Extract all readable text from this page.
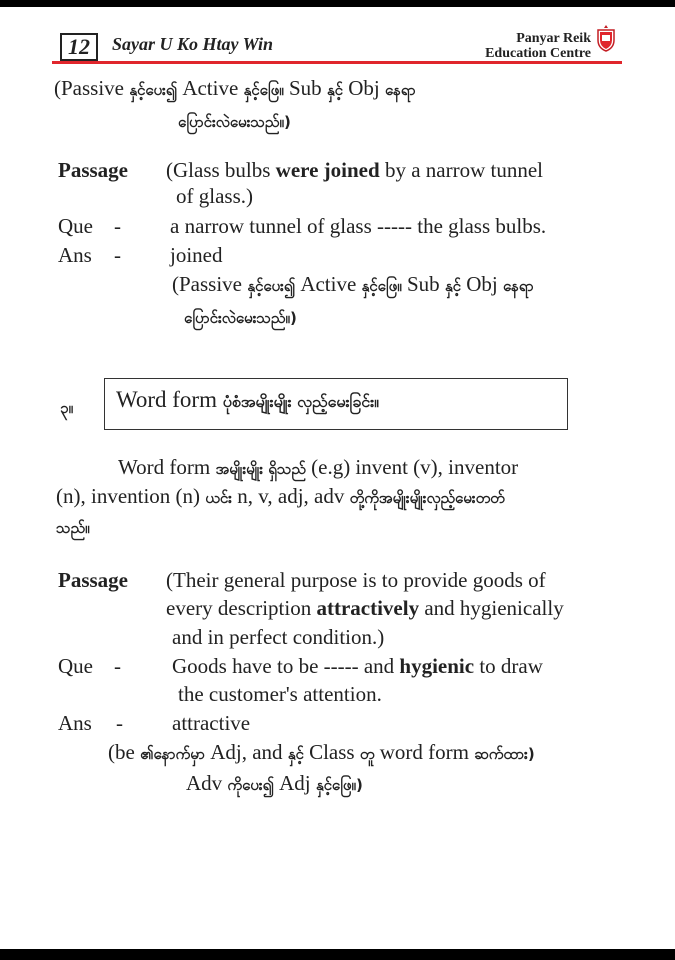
12	Sayar U Ko Htay Win	Panyar Reik
Education Centre
(Passive နှင့်ပေး၍ Active နှင့်ဖြေ။ Sub နှင့် Obj နေရာ
ပြောင်းလဲမေးသည်။)
Passage (Glass bulbs were joined by a narrow tunnel
of glass.)
Que - a narrow tunnel of glass ----- the glass bulbs.
Ans - joined
(Passive နှင့်ပေး၍ Active နှင့်ဖြေ။ Sub နှင့် Obj နေရာ
ပြောင်းလဲမေးသည်။)
၃။ Word form ပုံစံအမျိုးမျိုး လှည့်မေးခြင်း။
Word form အမျိုးမျိုး ရှိသည် (e.g) invent (v), inventor
(n), invention (n) ယင်း n, v, adj, adv တို့ကိုအမျိုးမျိုးလှည့်မေးတတ်
သည်။
Passage (Their general purpose is to provide goods of
every description attractively and hygienically
and in perfect condition.)
Que - Goods have to be ----- and hygienic to draw
the customer's attention.
Ans - attractive
(be ၏နောက်မှာ Adj, and နှင့် Class တူ word form ဆက်ထား)
Adv ကိုပေး၍ Adj နှင့်ဖြေ။)
